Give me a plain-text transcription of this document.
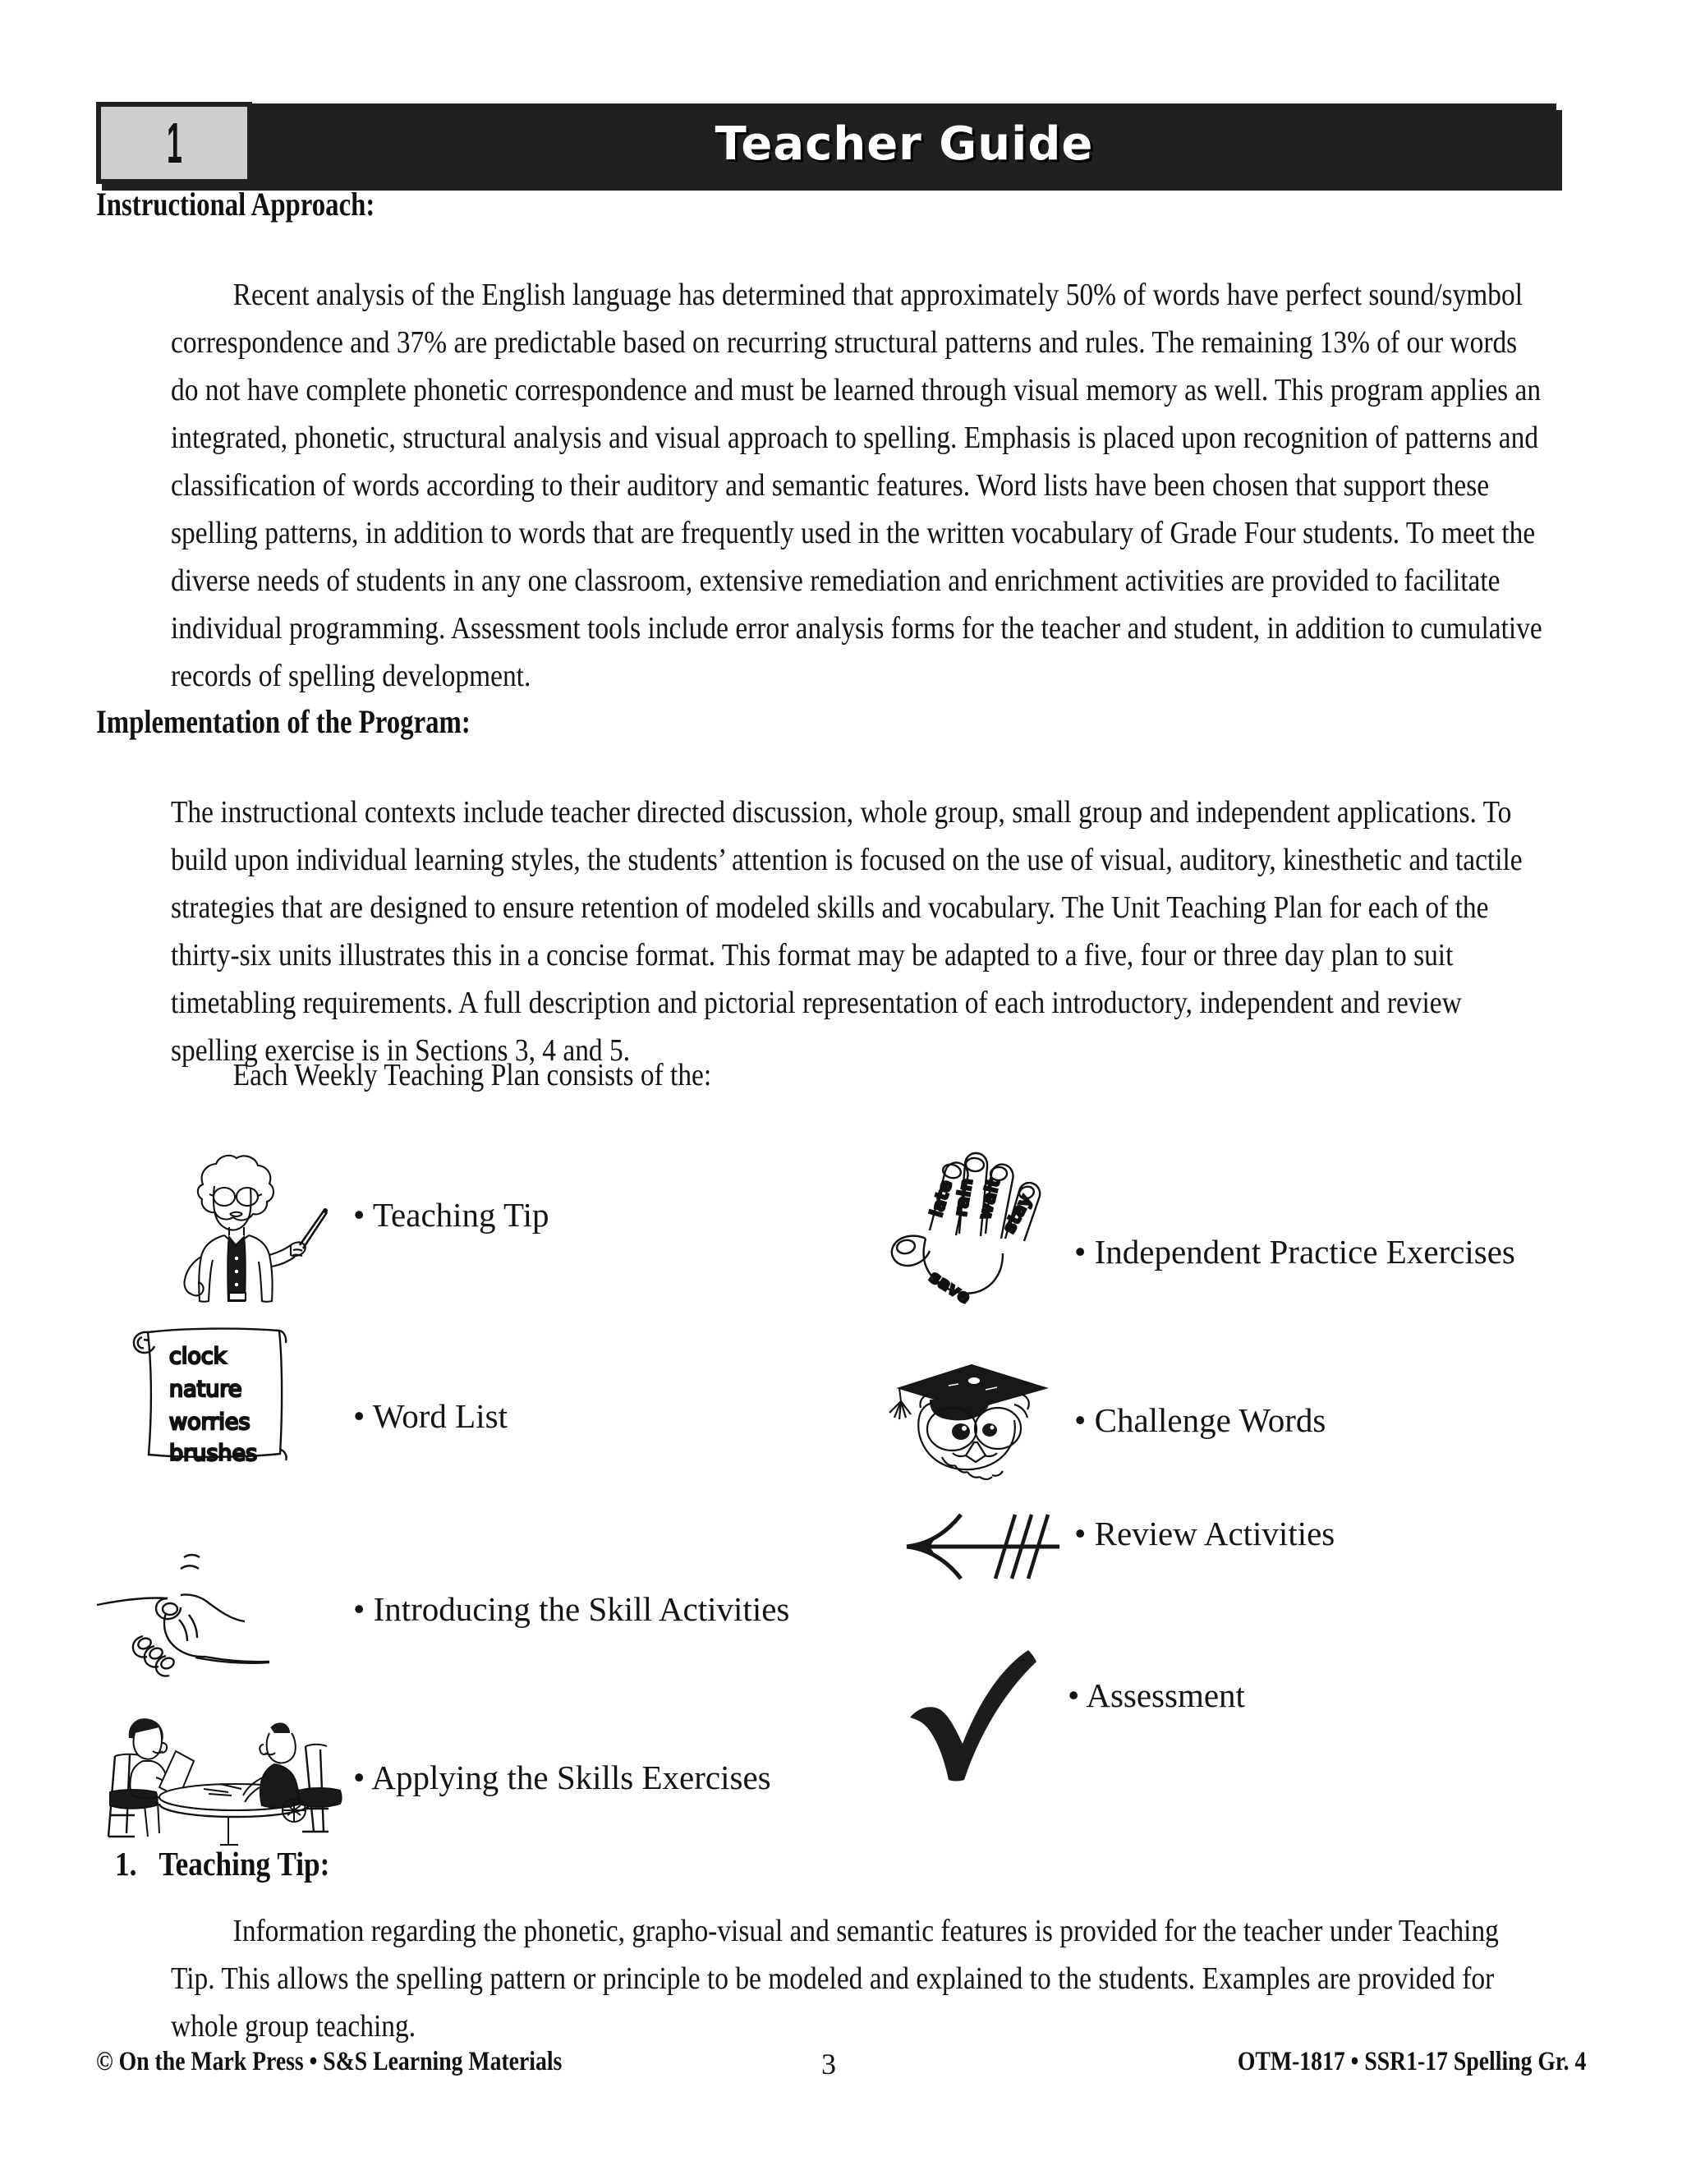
Teacher Guide
1
Instructional Approach:
Recent analysis of the English language has determined that approximately 50% of words have perfect sound/symbol correspondence and 37% are predictable based on recurring structural patterns and rules. The remaining 13% of our words do not have complete phonetic correspondence and must be learned through visual memory as well. This program applies an integrated, phonetic, structural analysis and visual approach to spelling. Emphasis is placed upon recognition of patterns and classification of words according to their auditory and semantic features. Word lists have been chosen that support these spelling patterns, in addition to words that are frequently used in the written vocabulary of Grade Four students. To meet the diverse needs of students in any one classroom, extensive remediation and enrichment activities are provided to facilitate individual programming. Assessment tools include error analysis forms for the teacher and student, in addition to cumulative records of spelling development.
Implementation of the Program:
The instructional contexts include teacher directed discussion, whole group, small group and independent applications. To build upon individual learning styles, the students’ attention is focused on the use of visual, auditory, kinesthetic and tactile strategies that are designed to ensure retention of modeled skills and vocabulary. The Unit Teaching Plan for each of the thirty-six units illustrates this in a concise format. This format may be adapted to a five, four or three day plan to suit timetabling requirements. A full description and pictorial representation of each introductory, independent and review spelling exercise is in Sections 3, 4 and 5.
Each Weekly Teaching Plan consists of the:
• Teaching Tip
save
late
rain
wait
stay
• Independent Practice Exercises
clock
nature
worries
brushes
• Word List	• Challenge Words
• Review Activities
• Introducing the Skill Activities
• Assessment
• Applying the Skills Exercises
1. Teaching Tip:
Information regarding the phonetic, grapho-visual and semantic features is provided for the teacher under Teaching Tip. This allows the spelling pattern or principle to be modeled and explained to the students. Examples are provided for whole group teaching.
© On the Mark Press • S&S Learning Materials	3	OTM-1817 • SSR1-17 Spelling Gr. 4
